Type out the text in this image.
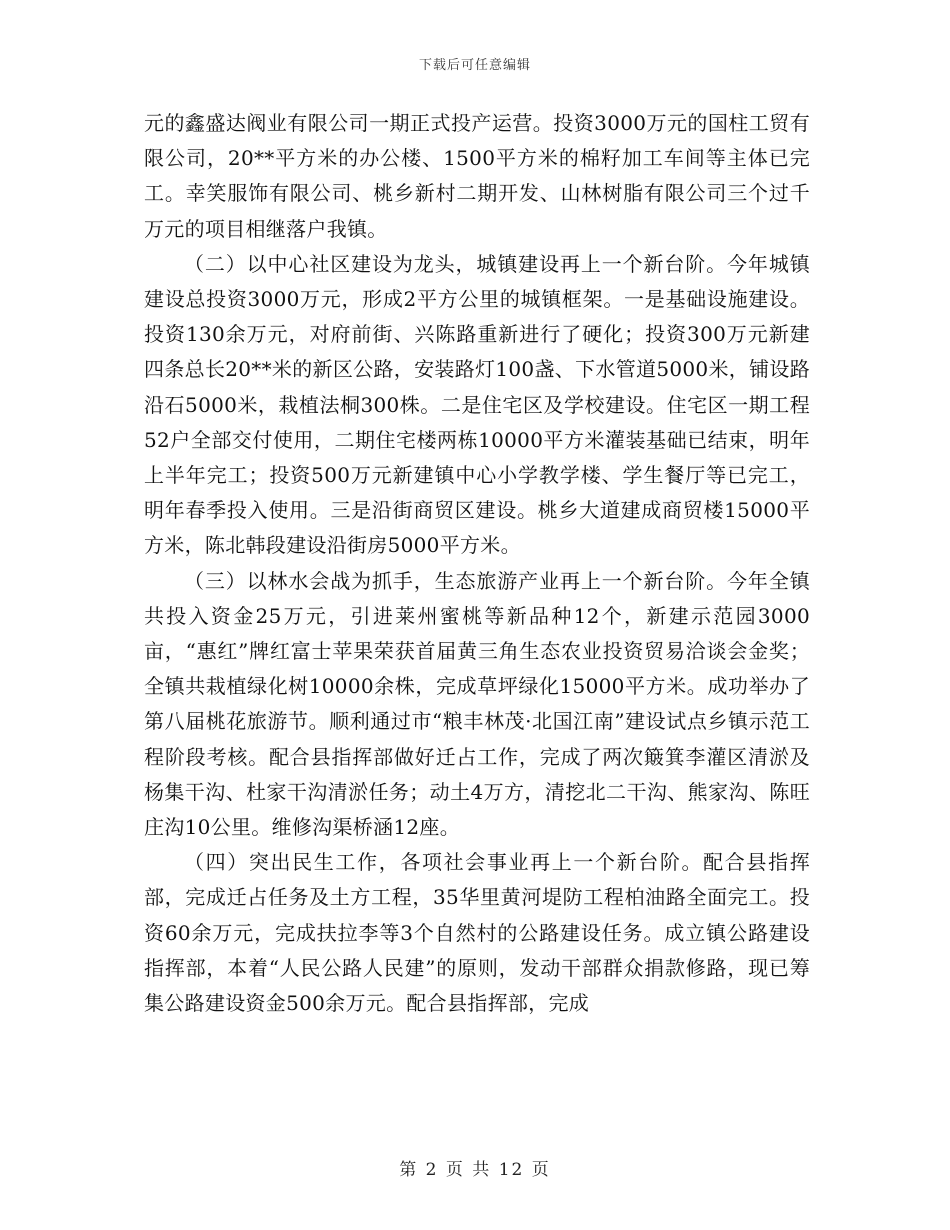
下载后可任意编辑

元的鑫盛达阀业有限公司一期正式投产运营。投资3000万元的国柱工贸有限公司，20**平方米的办公楼、1500平方米的棉籽加工车间等主体已完工。幸笑服饰有限公司、桃乡新村二期开发、山林树脂有限公司三个过千万元的项目相继落户我镇。

（二）以中心社区建设为龙头，城镇建设再上一个新台阶。今年城镇建设总投资3000万元，形成2平方公里的城镇框架。一是基础设施建设。投资130余万元，对府前街、兴陈路重新进行了硬化；投资300万元新建四条总长20**米的新区公路，安装路灯100盏、下水管道5000米，铺设路沿石5000米，栽植法桐300株。二是住宅区及学校建设。住宅区一期工程52户全部交付使用，二期住宅楼两栋10000平方米灌装基础已结束，明年上半年完工；投资500万元新建镇中心小学教学楼、学生餐厅等已完工，明年春季投入使用。三是沿街商贸区建设。桃乡大道建成商贸楼15000平方米，陈北韩段建设沿街房5000平方米。

（三）以林水会战为抓手，生态旅游产业再上一个新台阶。今年全镇共投入资金25万元，引进莱州蜜桃等新品种12个，新建示范园3000亩，“惠红”牌红富士苹果荣获首届黄三角生态农业投资贸易洽谈会金奖；全镇共栽植绿化树10000余株，完成草坪绿化15000平方米。成功举办了第八届桃花旅游节。顺利通过市“粮丰林茂·北国江南”建设试点乡镇示范工程阶段考核。配合县指挥部做好迁占工作，完成了两次簸箕李灌区清淤及杨集干沟、杜家干沟清淤任务；动土4万方，清挖北二干沟、熊家沟、陈旺庄沟10公里。维修沟渠桥涵12座。

（四）突出民生工作，各项社会事业再上一个新台阶。配合县指挥部，完成迁占任务及土方工程，35华里黄河堤防工程柏油路全面完工。投资60余万元，完成扶拉李等3个自然村的公路建设任务。成立镇公路建设指挥部，本着“人民公路人民建”的原则，发动干部群众捐款修路，现已筹集公路建设资金500余万元。配合县指挥部，完成

第 2 页 共 12 页
